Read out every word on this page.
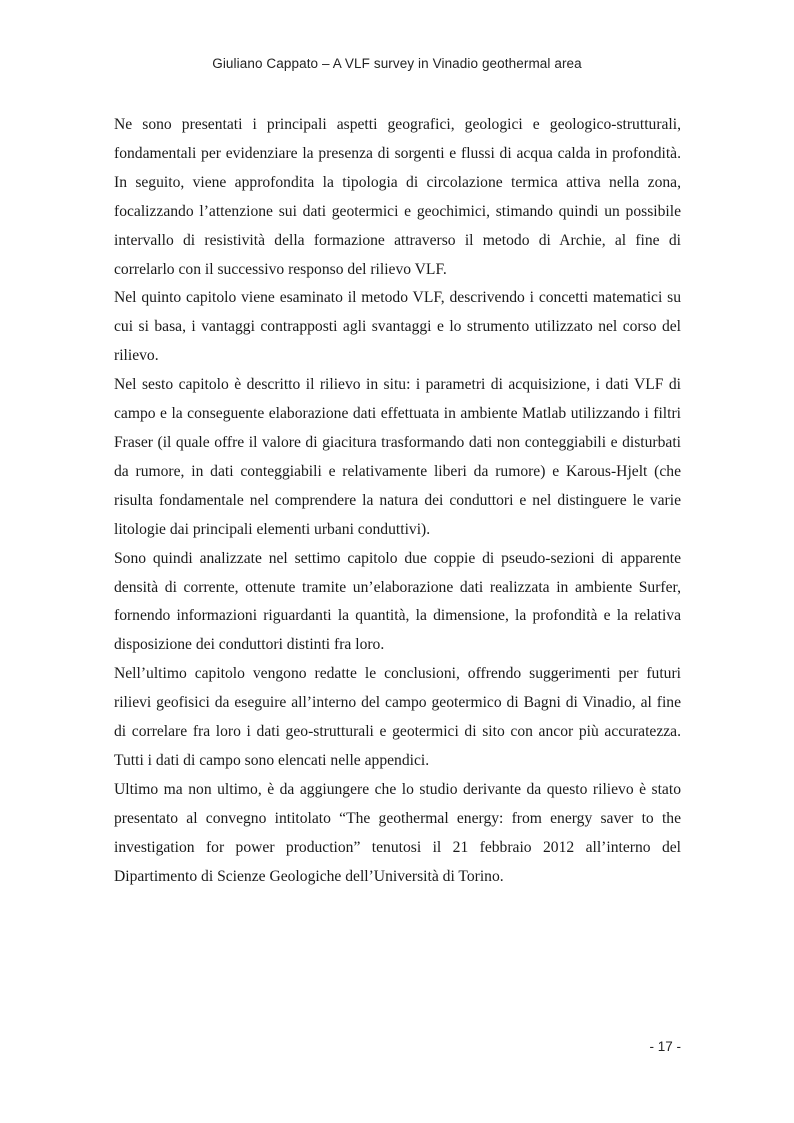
Giuliano Cappato – A VLF survey in Vinadio geothermal area

Ne sono presentati i principali aspetti geografici, geologici e geologico-strutturali, fondamentali per evidenziare la presenza di sorgenti e flussi di acqua calda in profondità. In seguito, viene approfondita la tipologia di circolazione termica attiva nella zona, focalizzando l’attenzione sui dati geotermici e geochimici, stimando quindi un possibile intervallo di resistività della formazione attraverso il metodo di Archie, al fine di correlarlo con il successivo responso del rilievo VLF.

Nel quinto capitolo viene esaminato il metodo VLF, descrivendo i concetti matematici su cui si basa, i vantaggi contrapposti agli svantaggi e lo strumento utilizzato nel corso del rilievo.

Nel sesto capitolo è descritto il rilievo in situ: i parametri di acquisizione, i dati VLF di campo e la conseguente elaborazione dati effettuata in ambiente Matlab utilizzando i filtri Fraser (il quale offre il valore di giacitura trasformando dati non conteggiabili e disturbati da rumore, in dati conteggiabili e relativamente liberi da rumore) e Karous-Hjelt (che risulta fondamentale nel comprendere la natura dei conduttori e nel distinguere le varie litologie dai principali elementi urbani conduttivi).

Sono quindi analizzate nel settimo capitolo due coppie di pseudo-sezioni di apparente densità di corrente, ottenute tramite un’elaborazione dati realizzata in ambiente Surfer, fornendo informazioni riguardanti la quantità, la dimensione, la profondità e la relativa disposizione dei conduttori distinti fra loro.

Nell’ultimo capitolo vengono redatte le conclusioni, offrendo suggerimenti per futuri rilievi geofisici da eseguire all’interno del campo geotermico di Bagni di Vinadio, al fine di correlare fra loro i dati geo-strutturali e geotermici di sito con ancor più accuratezza. Tutti i dati di campo sono elencati nelle appendici.

Ultimo ma non ultimo, è da aggiungere che lo studio derivante da questo rilievo è stato presentato al convegno intitolato “The geothermal energy: from energy saver to the investigation for power production” tenutosi il 21 febbraio 2012 all’interno del Dipartimento di Scienze Geologiche dell’Università di Torino.

- 17 -
